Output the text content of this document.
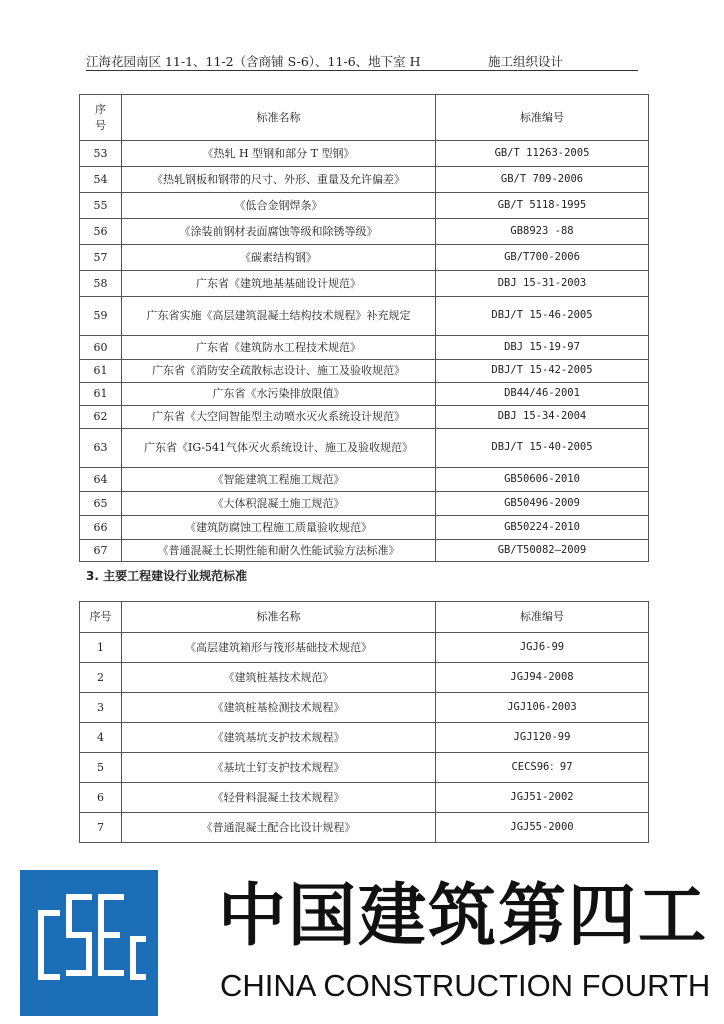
江海花园南区 11-1、11-2（含商铺 S-6）、11-6、地下室 H	施工组织设计
序号	标准名称	标准编号
53	《热轧 H 型钢和部分 T 型钢》	GB/T 11263-2005
54	《热轧钢板和钢带的尺寸、外形、重量及允许偏差》	GB/T 709-2006
55	《低合金钢焊条》	GB/T 5118-1995
56	《涂装前钢材表面腐蚀等级和除锈等级》	GB8923 -88
57	《碳素结构钢》	GB/T700-2006
58	广东省《建筑地基基础设计规范》	DBJ 15-31-2003
59	广东省实施《高层建筑混凝土结构技术规程》补充规定	DBJ/T 15-46-2005
60	广东省《建筑防水工程技术规范》	DBJ 15-19-97
61	广东省《消防安全疏散标志设计、施工及验收规范》	DBJ/T 15-42-2005
61	广东省《水污染排放限值》	DB44/46-2001
62	广东省《大空间智能型主动喷水灭火系统设计规范》	DBJ 15-34-2004
63	广东省《IG-541气体灭火系统设计、施工及验收规范》	DBJ/T 15-40-2005
64	《智能建筑工程施工规范》	GB50606-2010
65	《大体积混凝土施工规范》	GB50496-2009
66	《建筑防腐蚀工程施工质量验收规范》	GB50224-2010
67	《普通混凝土长期性能和耐久性能试验方法标准》	GB/T50082—2009
3. 主要工程建设行业规范标准
序号	标准名称	标准编号
1	《高层建筑箱形与筏形基础技术规范》	JGJ6-99
2	《建筑桩基技术规范》	JGJ94-2008
3	《建筑桩基检测技术规程》	JGJ106-2003
4	《建筑基坑支护技术规程》	JGJ120-99
5	《基坑土钉支护技术规程》	CECS96：97
6	《轻骨料混凝土技术规程》	JGJ51-2002
7	《普通混凝土配合比设计规程》	JGJ55-2000
中国建筑第四工
CHINA CONSTRUCTION FOURTH
